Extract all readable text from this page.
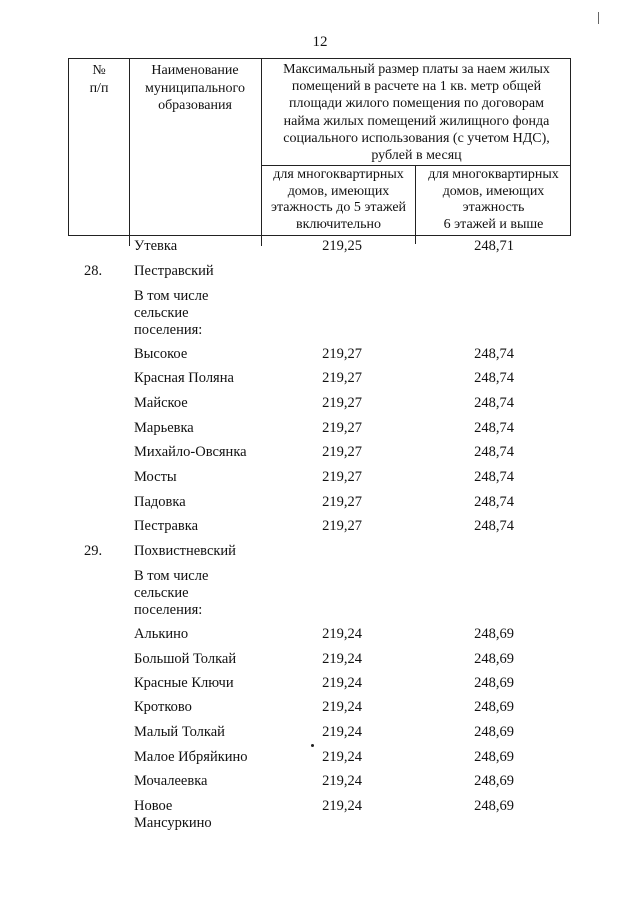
12
№
п/п
Наименование
муниципального
образования
Максимальный размер платы за наем жилых
помещений в расчете на 1 кв. метр общей
площади жилого помещения по договорам
найма жилых помещений жилищного фонда
социального использования (с учетом НДС),
рублей в месяц
для многоквартирных
домов, имеющих
этажность до 5 этажей
включительно
для многоквартирных
домов, имеющих
этажность
6 этажей и выше
Утевка	219,25	248,71
28. Пестравский
В том числе
сельские
поселения:
Высокое	219,27	248,74
Красная Поляна	219,27	248,74
Майское	219,27	248,74
Марьевка	219,27	248,74
Михайло-Овсянка	219,27	248,74
Мосты	219,27	248,74
Падовка	219,27	248,74
Пестравка	219,27	248,74
29. Похвистневский
В том числе
сельские
поселения:
Алькино	219,24	248,69
Большой Толкай	219,24	248,69
Красные Ключи	219,24	248,69
Кротково	219,24	248,69
Малый Толкай	219,24	248,69
Малое Ибряйкино	219,24	248,69
Мочалеевка	219,24	248,69
Новое
Мансуркино
219,24	248,69
